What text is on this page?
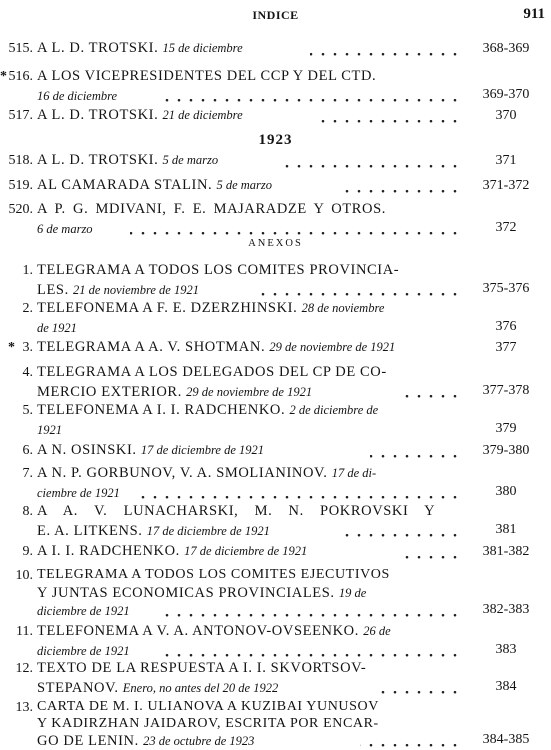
INDICE	911
515. A L. D. TROTSKI. 15 de diciembre	368-369
* 516. A LOS VICEPRESIDENTES DEL CCP Y DEL CTD.
16 de diciembre	369-370
517. A L. D. TROTSKI. 21 de diciembre	370
1923
518. A L. D. TROTSKI. 5 de marzo	371
519. AL CAMARADA STALIN. 5 de marzo	371-372
520. A P. G. MDIVANI, F. E. MAJARADZE Y OTROS.
6 de marzo	372
ANEXOS
1. TELEGRAMA A TODOS LOS COMITES PROVINCIA-
LES. 21 de noviembre de 1921	375-376
2. TELEFONEMA A F. E. DZERZHINSKI. 28 de noviembre
de 1921	376
* 3. TELEGRAMA A A. V. SHOTMAN. 29 de noviembre de 1921	377
4. TELEGRAMA A LOS DELEGADOS DEL CP DE CO-
MERCIO EXTERIOR. 29 de noviembre de 1921	377-378
5. TELEFONEMA A I. I. RADCHENKO. 2 de diciembre de
1921	379
6. A N. OSINSKI. 17 de diciembre de 1921	379-380
7. A N. P. GORBUNOV, V. A. SMOLIANINOV. 17 de di-
ciembre de 1921	380
8. A A. V. LUNACHARSKI, M. N. POKROVSKI Y
E. A. LITKENS. 17 de diciembre de 1921	381
9. A I. I. RADCHENKO. 17 de diciembre de 1921	381-382
10. TELEGRAMA A TODOS LOS COMITES EJECUTIVOS
Y JUNTAS ECONOMICAS PROVINCIALES. 19 de
diciembre de 1921	382-383
11. TELEFONEMA A V. A. ANTONOV-OVSEENKO. 26 de
diciembre de 1921	383
12. TEXTO DE LA RESPUESTA A I. I. SKVORTSOV-
STEPANOV. Enero, no antes del 20 de 1922	384
13. CARTA DE M. I. ULIANOVA A KUZIBAI YUNUSOV
Y KADIRZHAN JAIDAROV, ESCRITA POR ENCAR-
GO DE LENIN. 23 de octubre de 1923	384-385
